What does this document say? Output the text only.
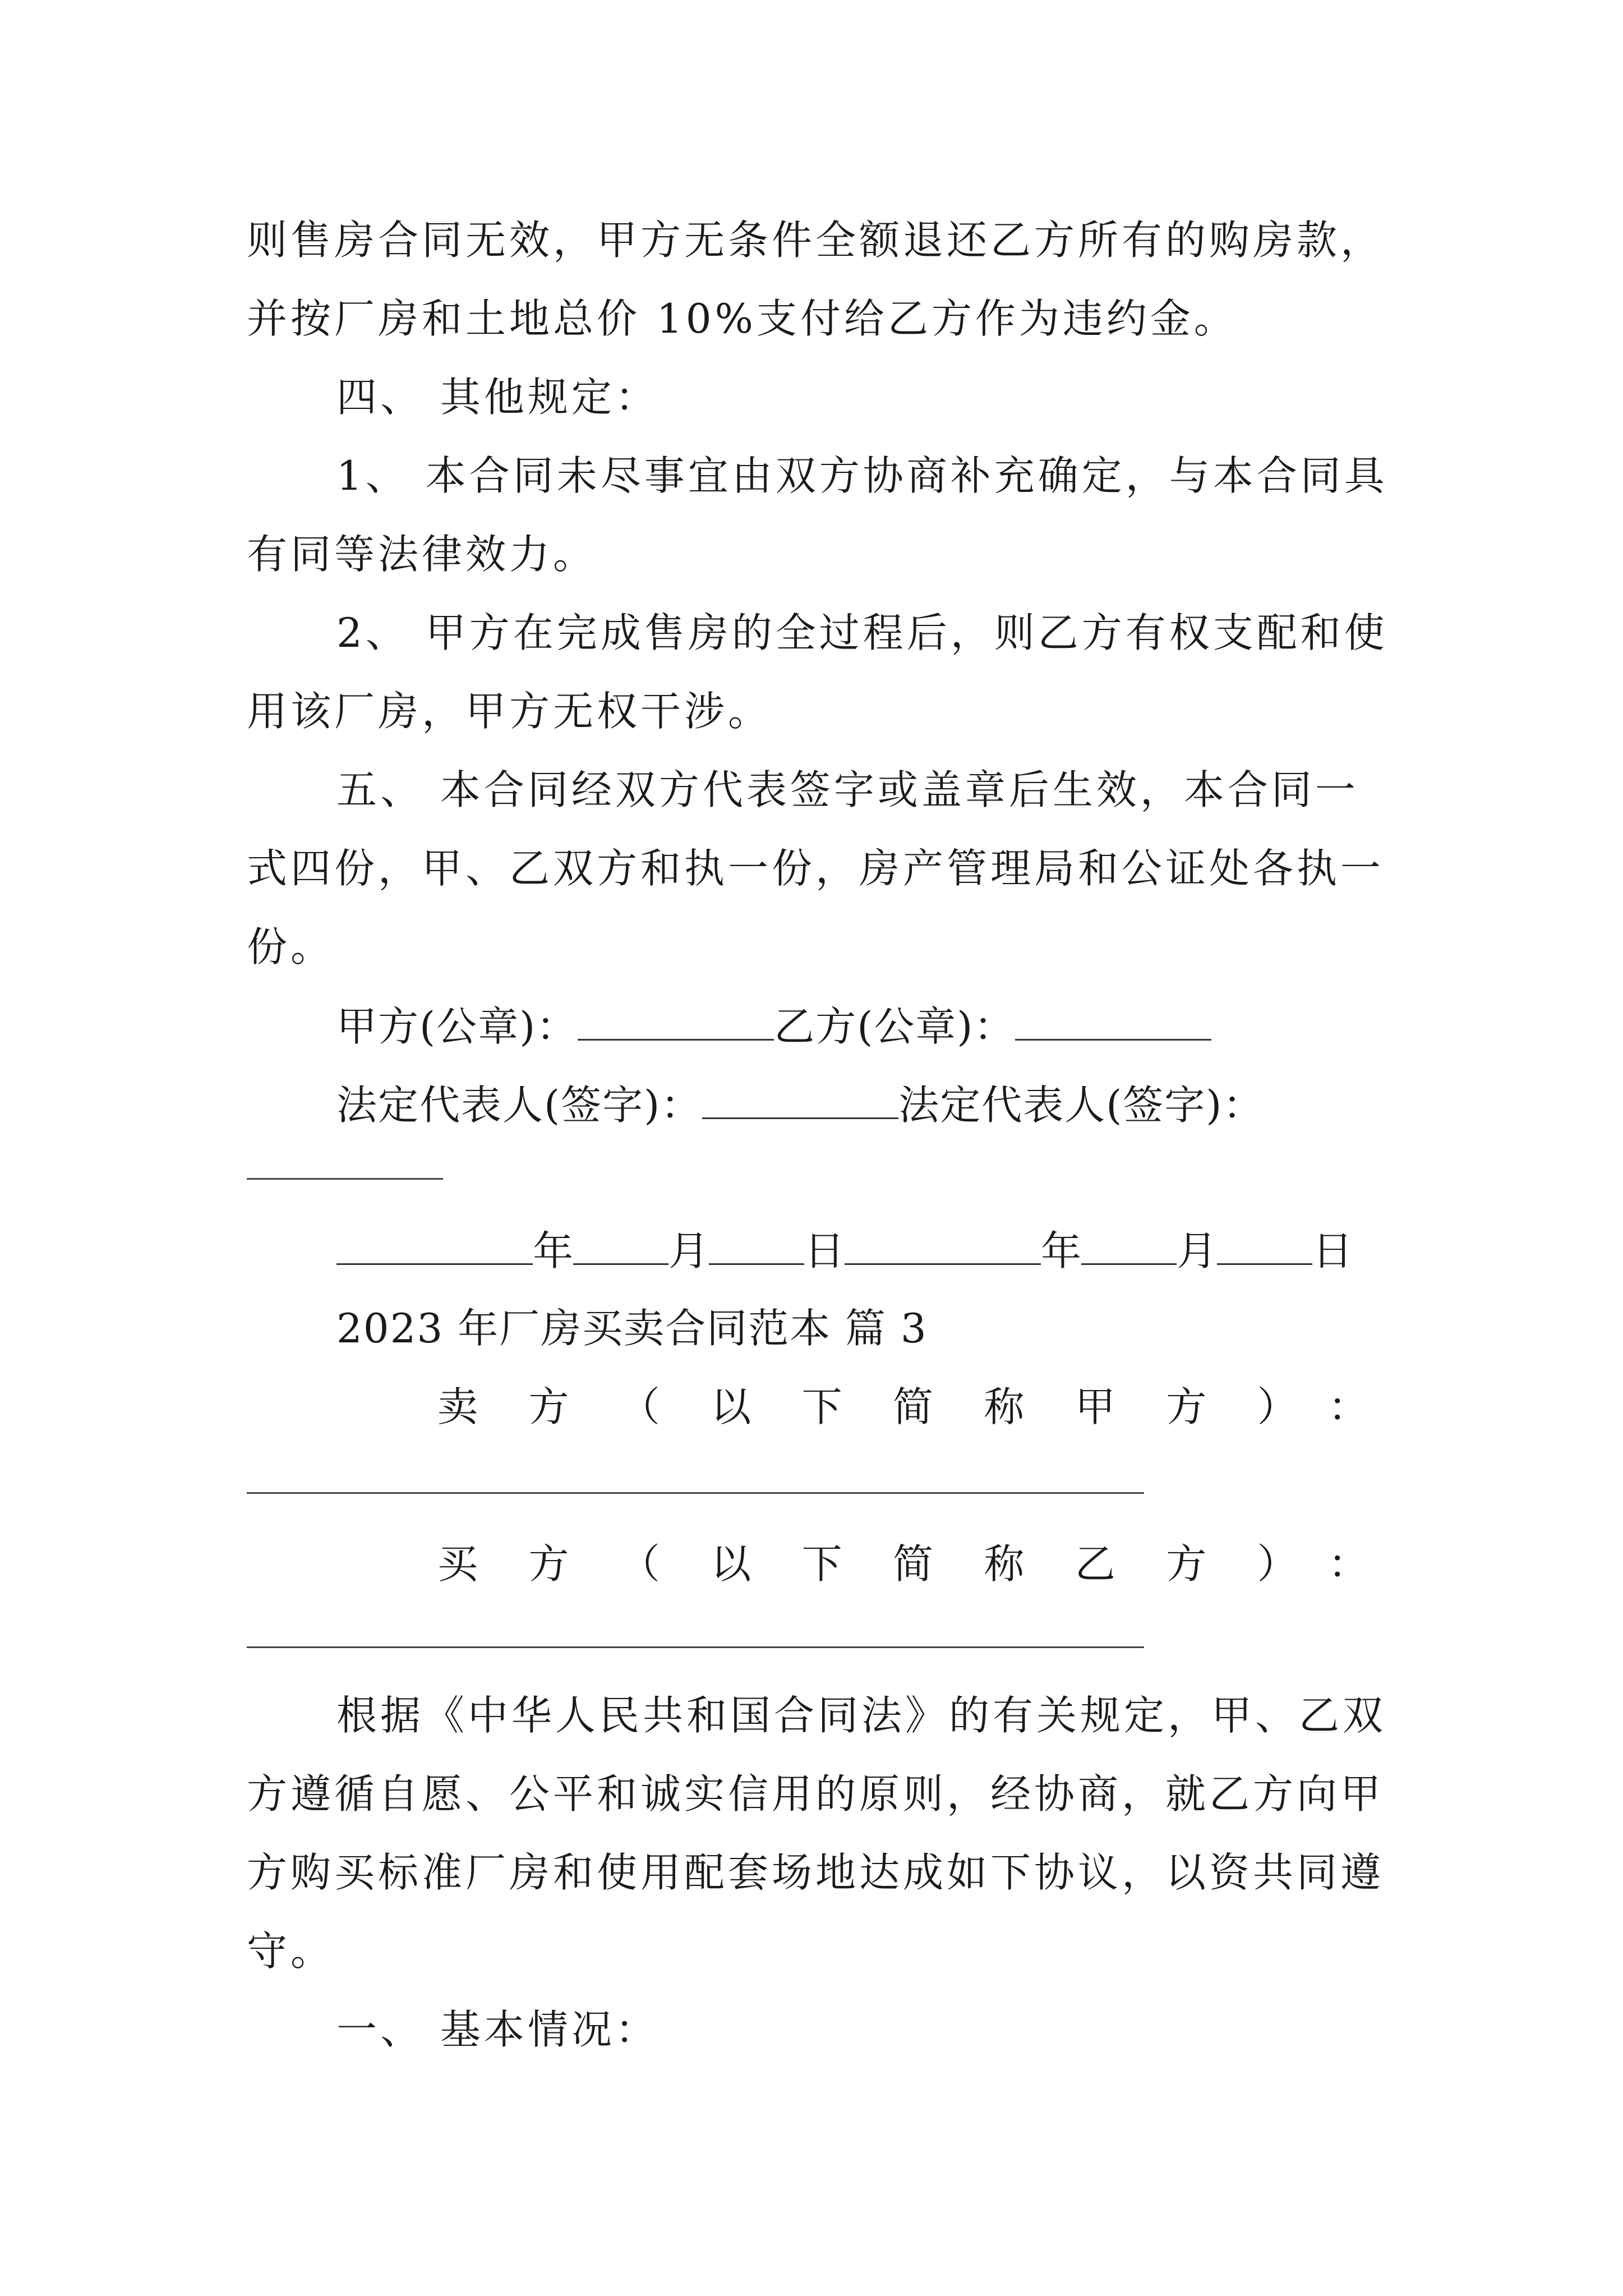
则售房合同无效，甲方无条件全额退还乙方所有的购房款，
并按厂房和土地总价 10%支付给乙方作为违约金。
四、 其他规定：
1、 本合同未尽事宜由双方协商补充确定，与本合同具
有同等法律效力。
2、 甲方在完成售房的全过程后，则乙方有权支配和使
用该厂房，甲方无权干涉。
五、 本合同经双方代表签字或盖章后生效，本合同一
式四份，甲、乙双方和执一份，房产管理局和公证处各执一
份。
甲方(公章)：	乙方(公章)：
法定代表人(签字)：	法定代表人(签字)：
年 月 日	年 月 日
2023 年厂房买卖合同范本 篇 3
卖方（以下简称甲方）：
买方（以下简称乙方）：
根据《中华人民共和国合同法》的有关规定，甲、乙双
方遵循自愿、公平和诚实信用的原则，经协商，就乙方向甲
方购买标准厂房和使用配套场地达成如下协议，以资共同遵
守。
一、 基本情况：
